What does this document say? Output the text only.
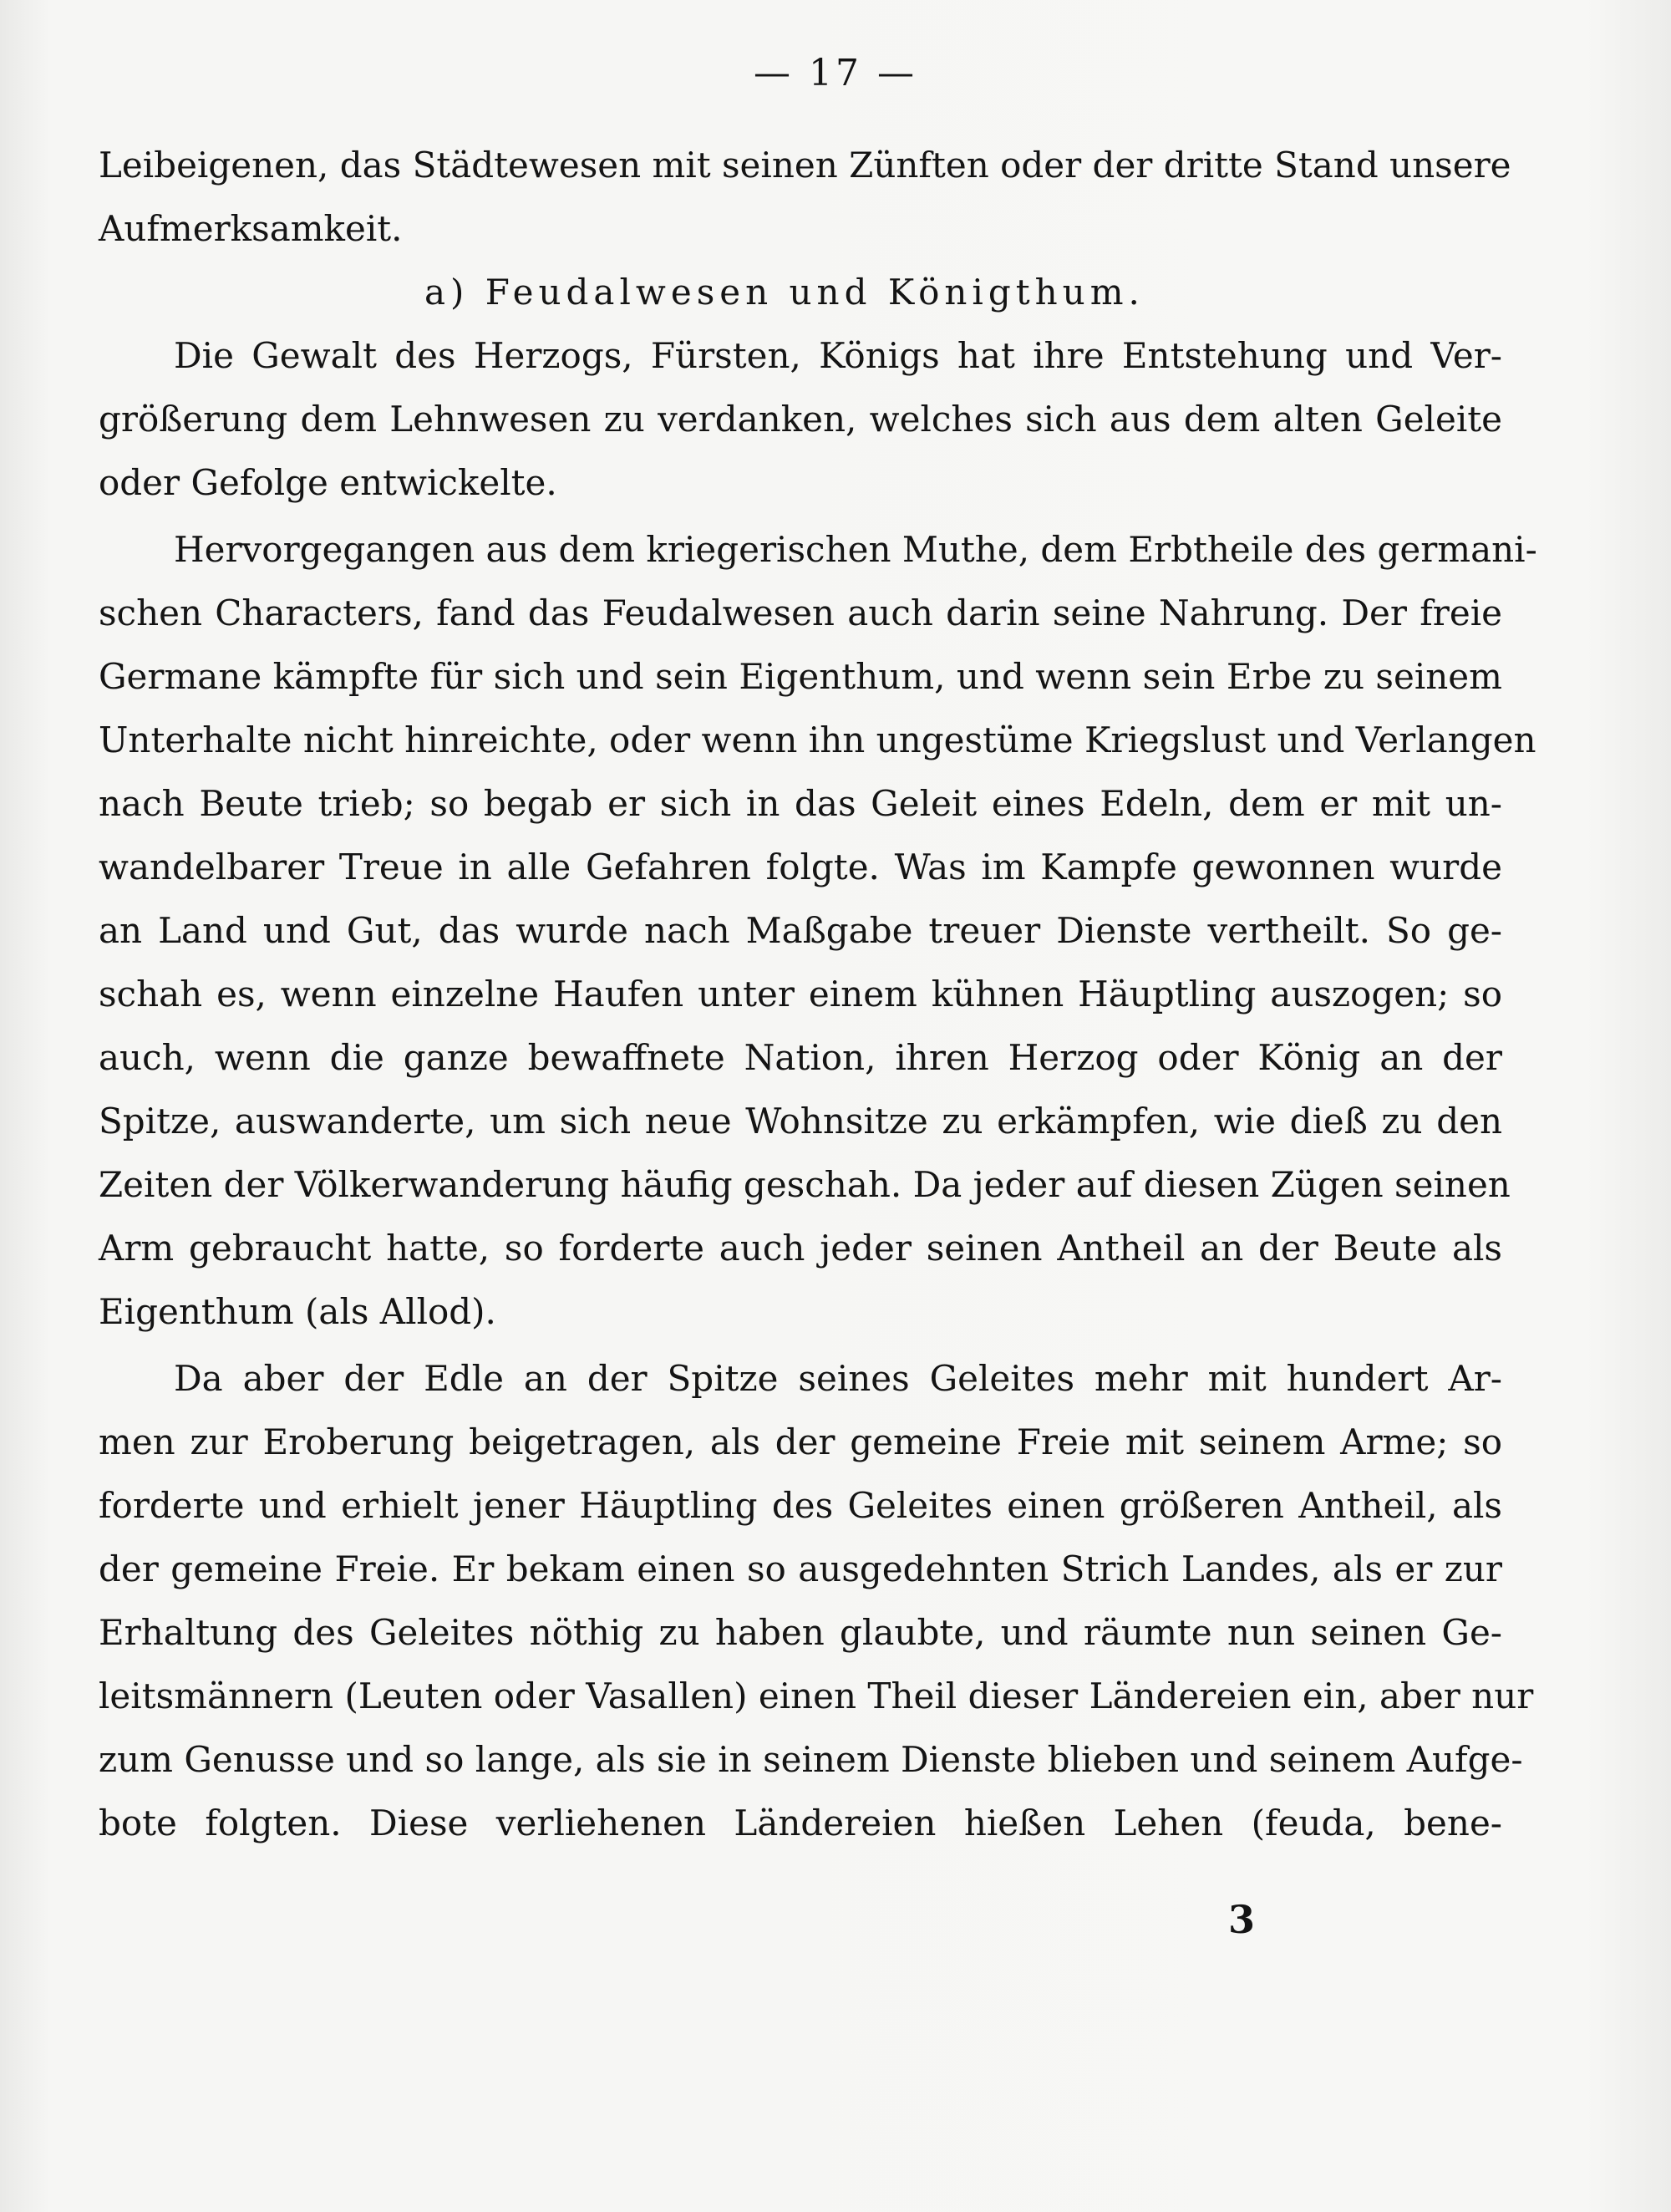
— 17 —
Leibeigenen, das Städtewesen mit seinen Zünften oder der dritte Stand unsere
Aufmerksamkeit.
a) Feudalwesen und Königthum.
Die Gewalt des Herzogs, Fürsten, Königs hat ihre Entstehung und Ver-
größerung dem Lehnwesen zu verdanken, welches sich aus dem alten Geleite
oder Gefolge entwickelte.
Hervorgegangen aus dem kriegerischen Muthe, dem Erbtheile des germani-
schen Characters, fand das Feudalwesen auch darin seine Nahrung. Der freie
Germane kämpfte für sich und sein Eigenthum, und wenn sein Erbe zu seinem
Unterhalte nicht hinreichte, oder wenn ihn ungestüme Kriegslust und Verlangen
nach Beute trieb; so begab er sich in das Geleit eines Edeln, dem er mit un-
wandelbarer Treue in alle Gefahren folgte. Was im Kampfe gewonnen wurde
an Land und Gut, das wurde nach Maßgabe treuer Dienste vertheilt. So ge-
schah es, wenn einzelne Haufen unter einem kühnen Häuptling auszogen; so
auch, wenn die ganze bewaffnete Nation, ihren Herzog oder König an der
Spitze, auswanderte, um sich neue Wohnsitze zu erkämpfen, wie dieß zu den
Zeiten der Völkerwanderung häufig geschah. Da jeder auf diesen Zügen seinen
Arm gebraucht hatte, so forderte auch jeder seinen Antheil an der Beute als
Eigenthum (als Allod).
Da aber der Edle an der Spitze seines Geleites mehr mit hundert Ar-
men zur Eroberung beigetragen, als der gemeine Freie mit seinem Arme; so
forderte und erhielt jener Häuptling des Geleites einen größeren Antheil, als
der gemeine Freie. Er bekam einen so ausgedehnten Strich Landes, als er zur
Erhaltung des Geleites nöthig zu haben glaubte, und räumte nun seinen Ge-
leitsmännern (Leuten oder Vasallen) einen Theil dieser Ländereien ein, aber nur
zum Genusse und so lange, als sie in seinem Dienste blieben und seinem Aufge-
bote folgten. Diese verliehenen Ländereien hießen Lehen (feuda, bene-
3
